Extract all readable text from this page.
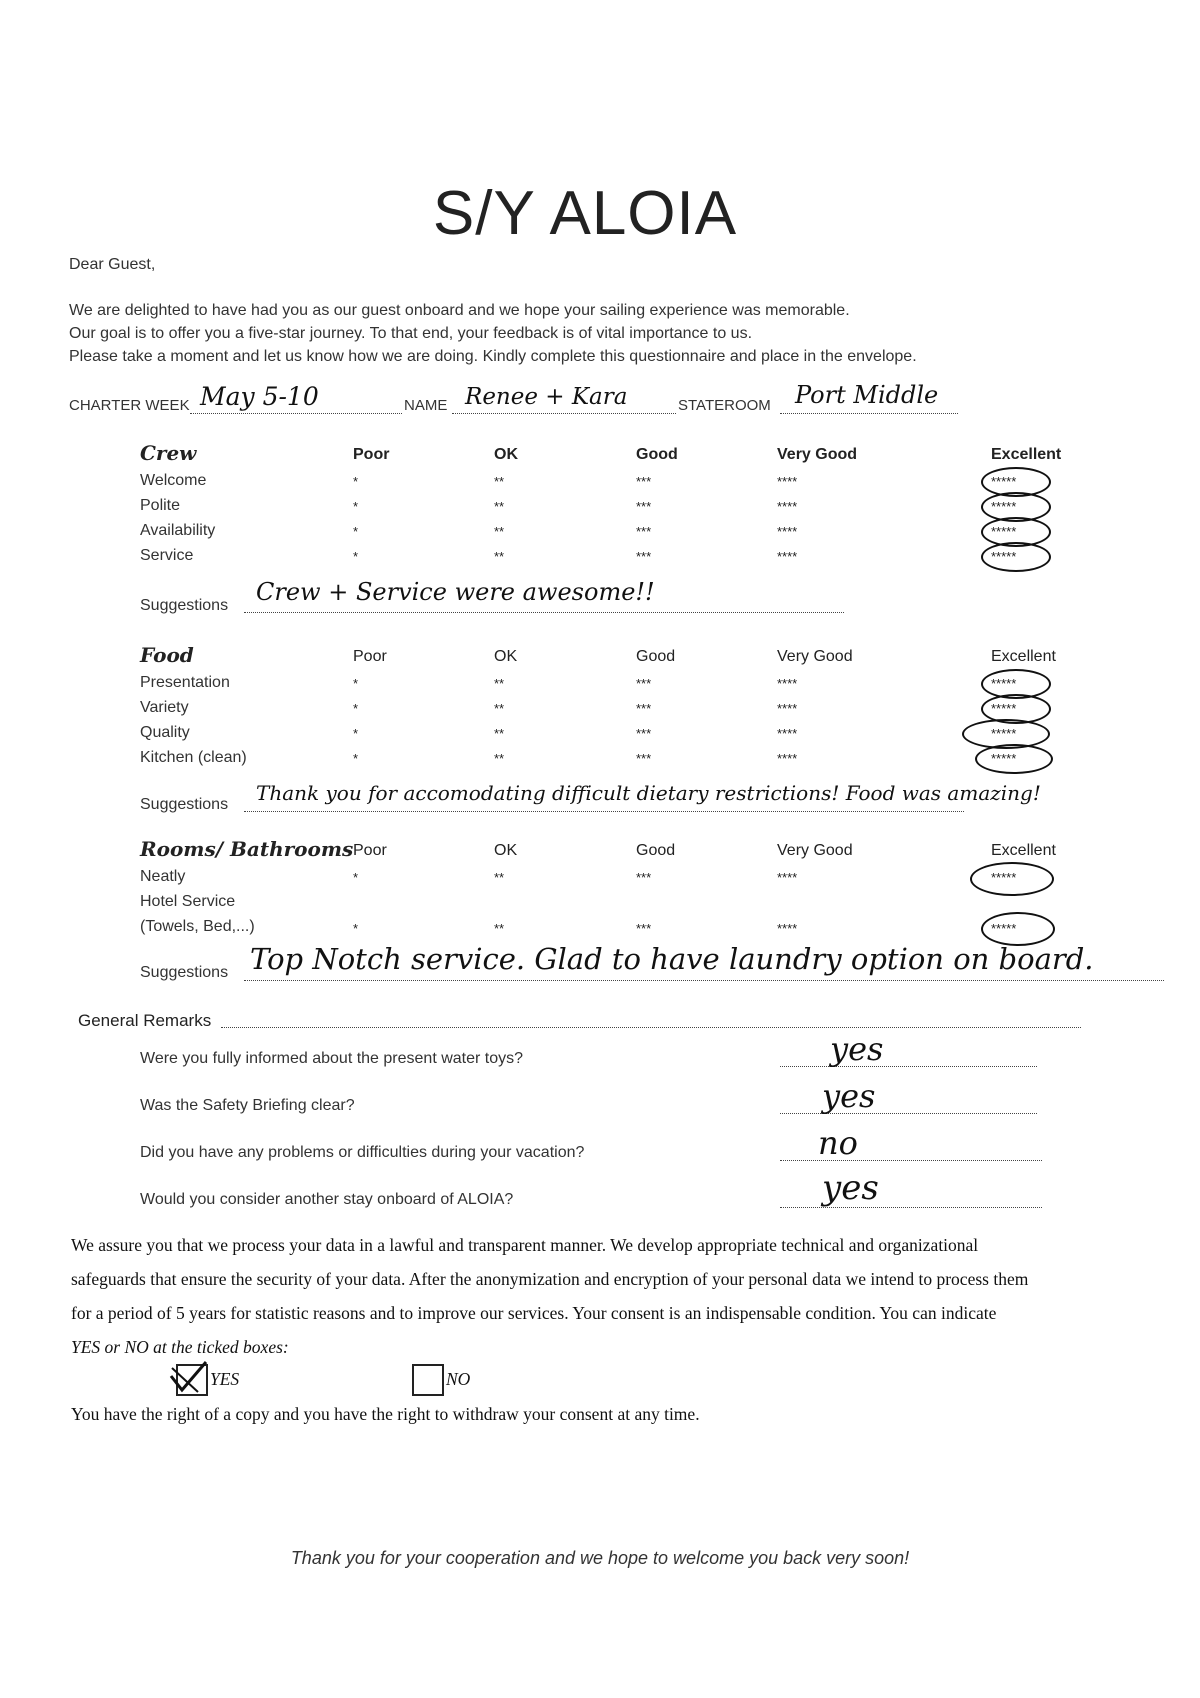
S/Y ALOIA
Dear Guest,
We are delighted to have had you as our guest onboard and we hope your sailing experience was memorable.
Our goal is to offer you a five-star journey. To that end, your feedback is of vital importance to us.
Please take a moment and let us know how we are doing. Kindly complete this questionnaire and place in the envelope.
CHARTER WEEK May 5-10	NAME Renee + Kara	STATEROOM Port Middle
Crew	Poor	OK	Good	Very Good	Excellent
Welcome	*	**	***	****	*****
Polite	*	**	***	****	*****
Availability	*	**	***	****	*****
Service	*	**	***	****	*****
Suggestions Crew + Service were awesome!!
Food	Poor	OK	Good	Very Good	Excellent
Presentation	*	**	***	****	*****
Variety	*	**	***	****	*****
Quality	*	**	***	****	*****
Kitchen (clean)	*	**	***	****	*****
Suggestions Thank you for accomodating difficult dietary restrictions! Food was amazing!
Rooms/ Bathrooms Poor	OK	Good	Very Good	Excellent
Neatly	*	**	***	****	*****
Hotel Service
(Towels, Bed,...)	*	**	***	****	*****
Suggestions Top Notch service. Glad to have laundry option on board.
General Remarks
Were you fully informed about the present water toys?	yes
Was the Safety Briefing clear?	yes
Did you have any problems or difficulties during your vacation?	no
Would you consider another stay onboard of ALOIA?	yes
We assure you that we process your data in a lawful and transparent manner. We develop appropriate technical and organizational
safeguards that ensure the security of your data. After the anonymization and encryption of your personal data we intend to process them
for a period of 5 years for statistic reasons and to improve our services. Your consent is an indispensable condition. You can indicate
YES or NO at the ticked boxes:
YES	NO
You have the right of a copy and you have the right to withdraw your consent at any time.
Thank you for your cooperation and we hope to welcome you back very soon!
